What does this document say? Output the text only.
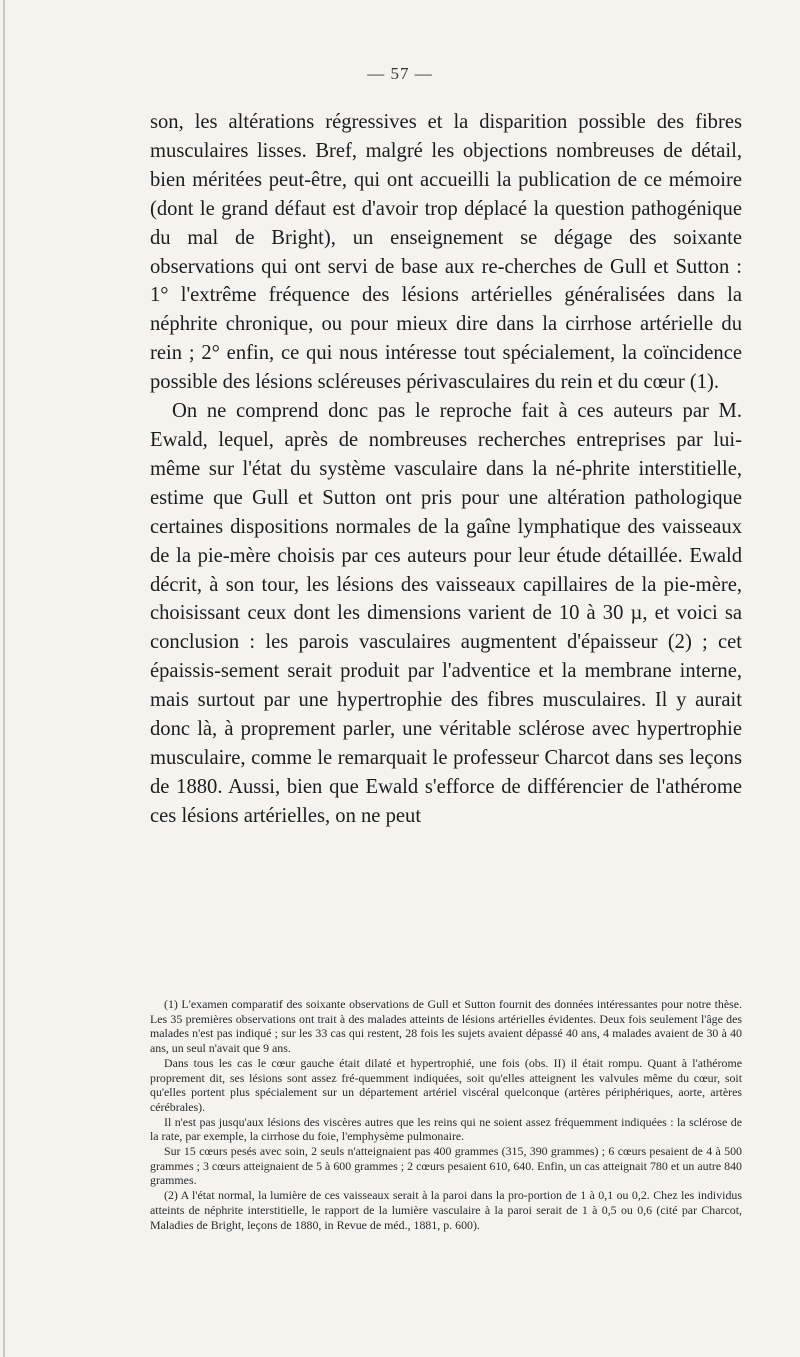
— 57 —

son, les altérations régressives et la disparition possible des fibres musculaires lisses. Bref, malgré les objections nombreuses de détail, bien méritées peut-être, qui ont accueilli la publication de ce mémoire (dont le grand défaut est d'avoir trop déplacé la question pathogénique du mal de Bright), un enseignement se dégage des soixante observations qui ont servi de base aux re-cherches de Gull et Sutton : 1° l'extrême fréquence des lésions artérielles généralisées dans la néphrite chronique, ou pour mieux dire dans la cirrhose artérielle du rein ; 2° enfin, ce qui nous intéresse tout spécialement, la coïncidence possible des lésions scléreuses périvasculaires du rein et du cœur (1).

On ne comprend donc pas le reproche fait à ces auteurs par M. Ewald, lequel, après de nombreuses recherches entreprises par lui-même sur l'état du système vasculaire dans la né-phrite interstitielle, estime que Gull et Sutton ont pris pour une altération pathologique certaines dispositions normales de la gaîne lymphatique des vaisseaux de la pie-mère choisis par ces auteurs pour leur étude détaillée. Ewald décrit, à son tour, les lésions des vaisseaux capillaires de la pie-mère, choisissant ceux dont les dimensions varient de 10 à 30 µ, et voici sa conclusion : les parois vasculaires augmentent d'épaisseur (2) ; cet épaissis-sement serait produit par l'adventice et la membrane interne, mais surtout par une hypertrophie des fibres musculaires. Il y aurait donc là, à proprement parler, une véritable sclérose avec hypertrophie musculaire, comme le remarquait le professeur Charcot dans ses leçons de 1880. Aussi, bien que Ewald s'efforce de différencier de l'athérome ces lésions artérielles, on ne peut

(1) L'examen comparatif des soixante observations de Gull et Sutton fournit des données intéressantes pour notre thèse. Les 35 premières observations ont trait à des malades atteints de lésions artérielles évidentes. Deux fois seulement l'âge des malades n'est pas indiqué ; sur les 33 cas qui restent, 28 fois les sujets avaient dépassé 40 ans, 4 malades avaient de 30 à 40 ans, un seul n'avait que 9 ans.

Dans tous les cas le cœur gauche était dilaté et hypertrophié, une fois (obs. II) il était rompu. Quant à l'athérome proprement dit, ses lésions sont assez fré-quemment indiquées, soit qu'elles atteignent les valvules même du cœur, soit qu'elles portent plus spécialement sur un département artériel viscéral quelconque (artères périphériques, aorte, artères cérébrales).

Il n'est pas jusqu'aux lésions des viscères autres que les reins qui ne soient assez fréquemment indiquées : la sclérose de la rate, par exemple, la cirrhose du foie, l'emphysème pulmonaire.

Sur 15 cœurs pesés avec soin, 2 seuls n'atteignaient pas 400 grammes (315, 390 grammes) ; 6 cœurs pesaient de 4 à 500 grammes ; 3 cœurs atteignaient de 5 à 600 grammes ; 2 cœurs pesaient 610, 640. Enfin, un cas atteignait 780 et un autre 840 grammes.

(2) A l'état normal, la lumière de ces vaisseaux serait à la paroi dans la pro-portion de 1 à 0,1 ou 0,2. Chez les individus atteints de néphrite interstitielle, le rapport de la lumière vasculaire à la paroi serait de 1 à 0,5 ou 0,6 (cité par Charcot, Maladies de Bright, leçons de 1880, in Revue de méd., 1881, p. 600).
